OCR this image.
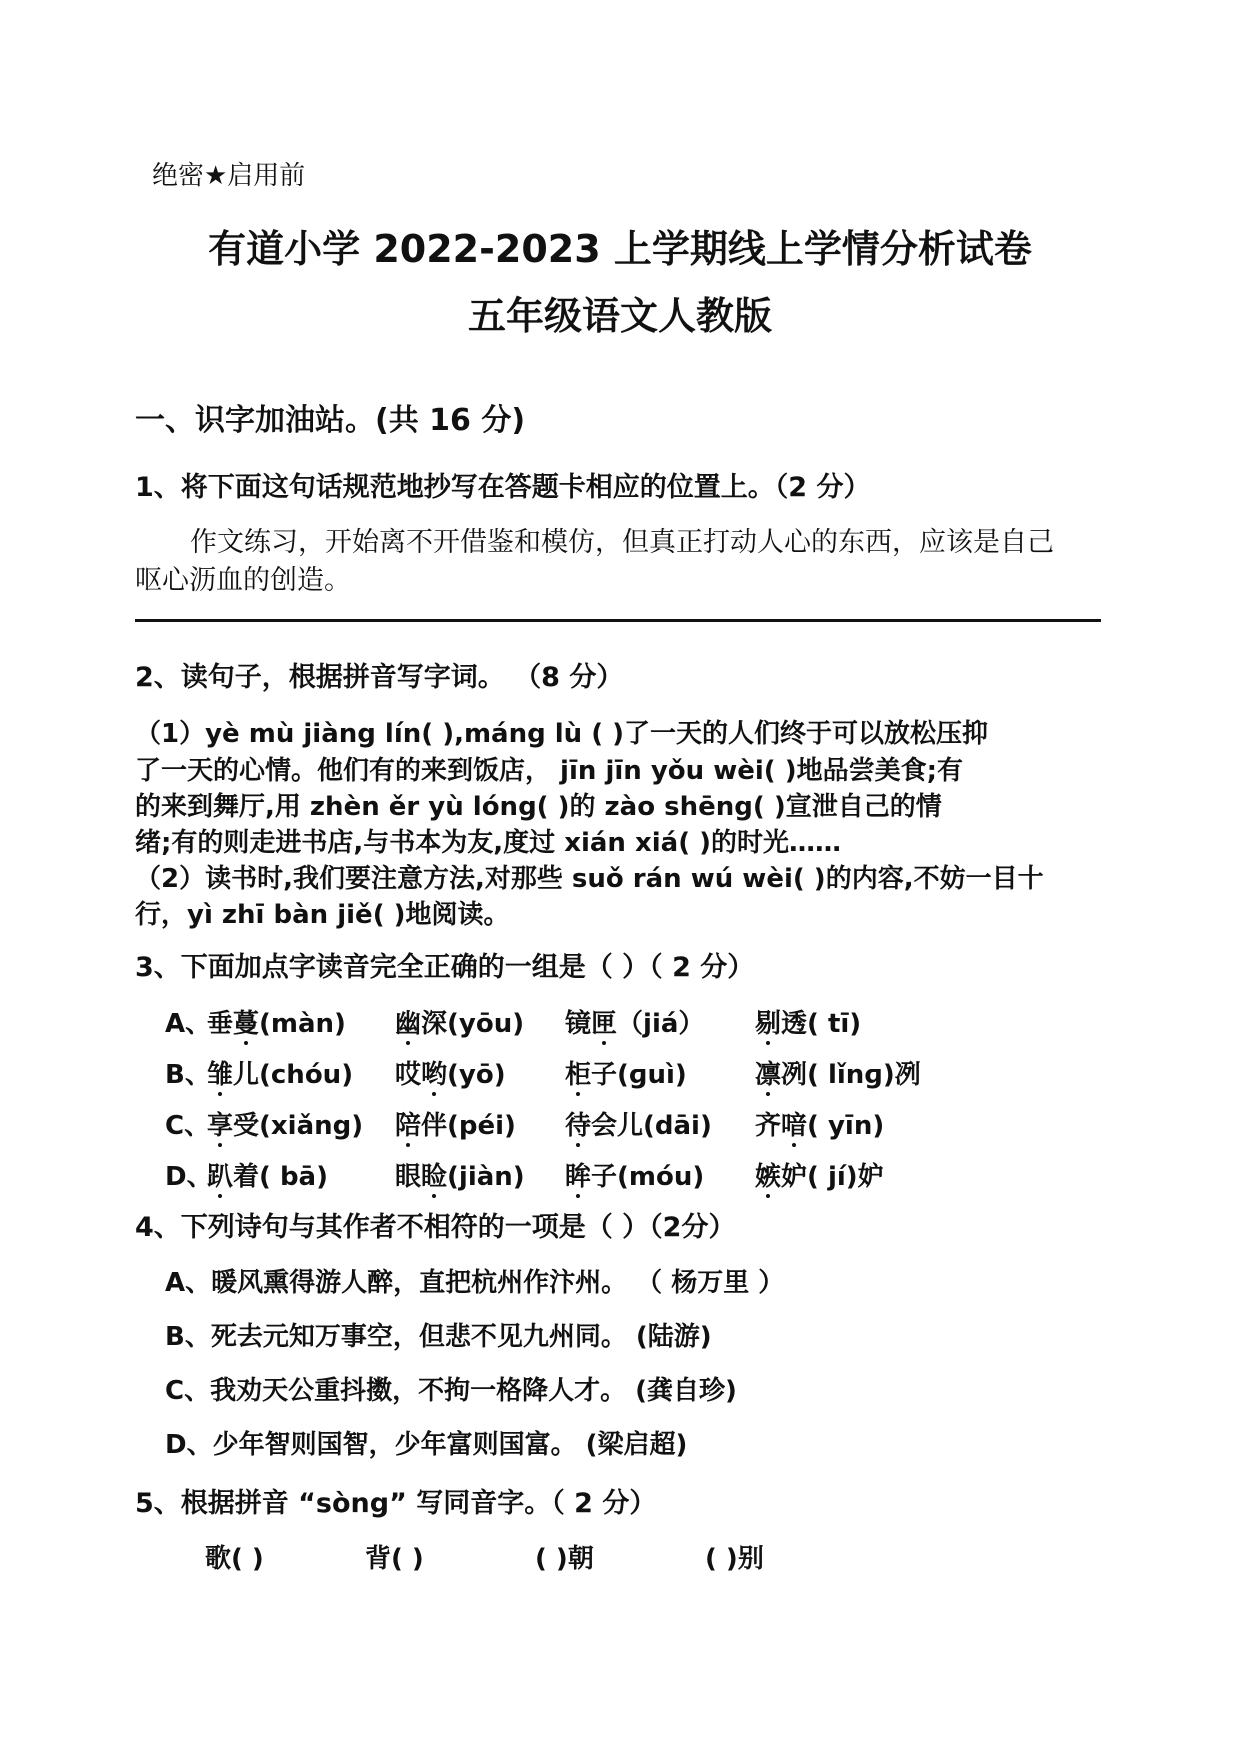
绝密★启用前
有道小学 2022-2023 上学期线上学情分析试卷
五年级语文人教版
一、识字加油站。(共 16 分)
1、将下面这句话规范地抄写在答题卡相应的位置上。（2 分）
作文练习，开始离不开借鉴和模仿，但真正打动人心的东西，应该是自己
呕心沥血的创造。
2、读句子，根据拼音写字词。 （8 分）
（1）yè mù jiàng lín( ),máng lù ( )了一天的人们终于可以放松压抑
了一天的心情。他们有的来到饭店， jīn jīn yǒu wèi( )地品尝美食;有
的来到舞厅,用 zhèn ěr yù lóng( )的 zào shēng( )宣泄自己的情
绪;有的则走进书店,与书本为友,度过 xián xiá( )的时光……
（2）读书时,我们要注意方法,对那些 suǒ rán wú wèi( )的内容,不妨一目十
行，yì zhī bàn jiě( )地阅读。
3、下面加点字读音完全正确的一组是（ ）（ 2 分）
A、
垂蔓(màn) 幽深(yōu) 镜匣（jiá） 剔透( tī)
B、
雏儿(chóu) 哎哟(yō) 柜子(ɡuì)	凛冽( lǐnɡ)冽
C、
享受(xiǎng) 陪伴(péi) 待会儿(dāi) 齐喑( yīn)
D、
趴着( bā)	眼睑(jiàn) 眸子(móu) 嫉妒( jí)妒
4、下列诗句与其作者不相符的一项是（ ）（2分）
A、暖风熏得游人醉，直把杭州作汴州。 （ 杨万里 ）
B、死去元知万事空，但悲不见九州同。 (陆游)
C、我劝天公重抖擞，不拘一格降人才。 (龚自珍)
D、少年智则国智，少年富则国富。 (梁启超)
5、根据拼音 “sòng” 写同音字。（ 2 分）
歌( )	背( )	( )朝	( )别
